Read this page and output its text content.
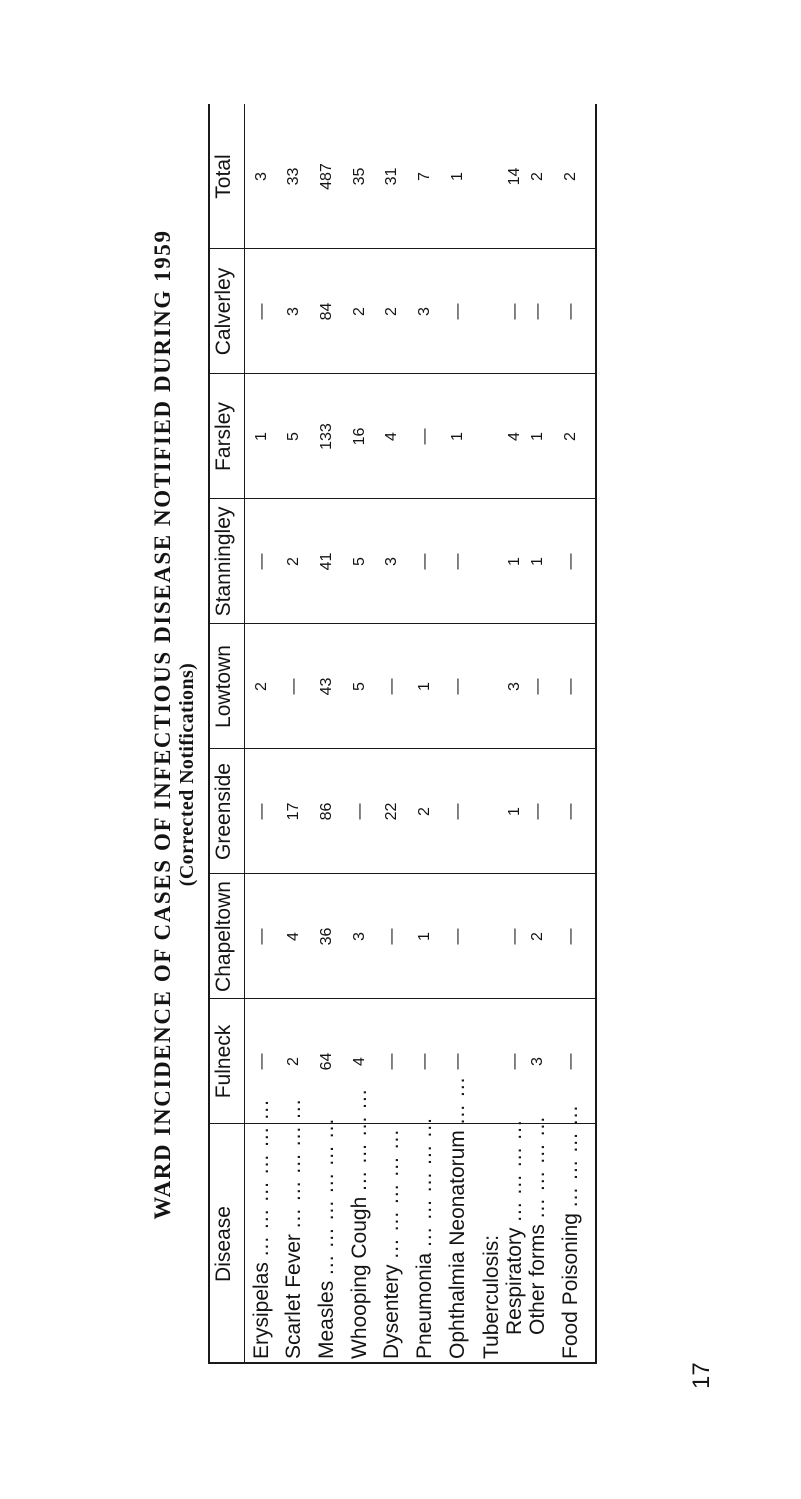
WARD INCIDENCE OF CASES OF INFECTIOUS DISEASE NOTIFIED DURING 1959 (Corrected Notifications)
Disease
Fulneck
Chapeltown
Greenside
Lowtown
Stanningley
Farsley
Calverley
Total
Erysipelas ... ... ... ... ... ...
—
—
—
2
—
1
—
3
Scarlet Fever ... ... ... ... ...
2
4
17
—
2
5
3
33
Measles ... ... ... ... ... ...
64
36
86
43
41
133
84
487
Whooping Cough ... ... ... ...
4
3
—
5
5
16
2
35
Dysentery ... ... ... ... ...
—
—
22
—
3
4
2
31
Pneumonia ... ... ... ... ...
—
1
2
1
—
—
3
7
Ophthalmia Neonatorum ... ...
—
—
—
—
—
1
—
1
Tuberculosis: Respiratory ... ... ... ...
—
—
1
3
1
4
—
14
Other forms ... ... ... ...
3
2
—
—
1
1
—
2
Food Poisoning ... ... ... ...
—
—
—
—
—
2
—
2
17
